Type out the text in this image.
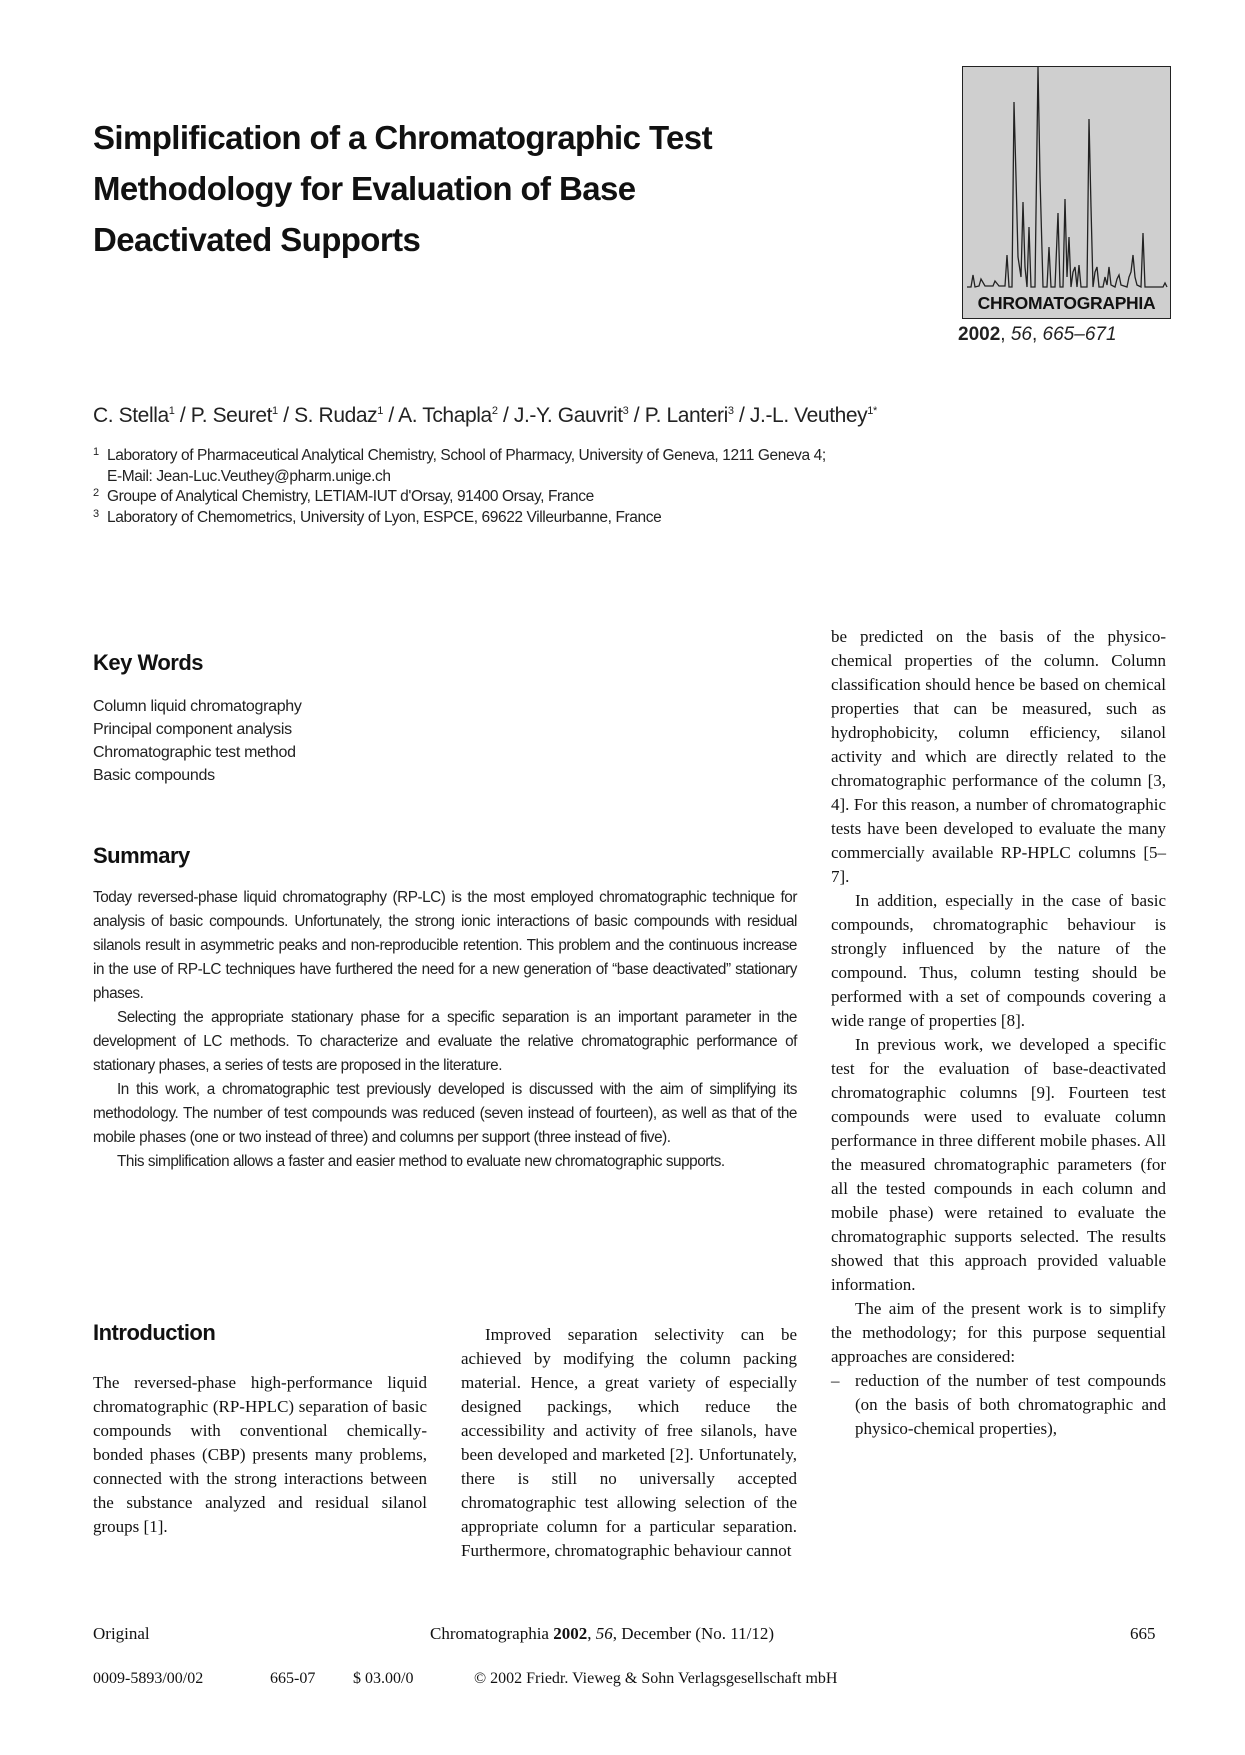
Simplification of a Chromatographic Test Methodology for Evaluation of Base Deactivated Supports
CHROMATOGRAPHIA
2002, 56, 665–671
C. Stella$^1$ / P. Seuret$^1$ / S. Rudaz$^1$ / A. Tchapla$^2$ / J.-Y. Gauvrit$^3$ / P. Lanteri$^3$ / J.-L. Veuthey$^{1*}$
1 Laboratory of Pharmaceutical Analytical Chemistry, School of Pharmacy, University of Geneva, 1211 Geneva 4;
E-Mail: Jean-Luc.Veuthey@pharm.unige.ch
2 Groupe of Analytical Chemistry, LETIAM-IUT d'Orsay, 91400 Orsay, France
3 Laboratory of Chemometrics, University of Lyon, ESPCE, 69622 Villeurbanne, France
Key Words
Column liquid chromatography
Principal component analysis
Chromatographic test method
Basic compounds
Summary

Today reversed-phase liquid chromatography (RP-LC) is the most employed chromatographic technique for analysis of basic compounds. Unfortunately, the strong ionic interactions of basic compounds with residual silanols result in asymmetric peaks and non-reproducible retention. This problem and the continuous increase in the use of RP-LC techniques have furthered the need for a new generation of “base deactivated” stationary phases.

Selecting the appropriate stationary phase for a specific separation is an important parameter in the development of LC methods. To characterize and evaluate the relative chromatographic performance of stationary phases, a series of tests are proposed in the literature.

In this work, a chromatographic test previously developed is discussed with the aim of simplifying its methodology. The number of test compounds was reduced (seven instead of fourteen), as well as that of the mobile phases (one or two instead of three) and columns per support (three instead of five).

This simplification allows a faster and easier method to evaluate new chromatographic supports.

Introduction

The reversed-phase high-performance liquid chromatographic (RP-HPLC) separation of basic compounds with conventional chemically-bonded phases (CBP) presents many problems, connected with the strong interactions between the substance analyzed and residual silanol groups [1].

Improved separation selectivity can be achieved by modifying the column packing material. Hence, a great variety of especially designed packings, which reduce the accessibility and activity of free silanols, have been developed and marketed [2]. Unfortunately, there is still no universally accepted chromatographic test allowing selection of the appropriate column for a particular separation. Furthermore, chromatographic behaviour cannot

be predicted on the basis of the physico-chemical properties of the column. Column classification should hence be based on chemical properties that can be measured, such as hydrophobicity, column efficiency, silanol activity and which are directly related to the chromatographic performance of the column [3, 4]. For this reason, a number of chromatographic tests have been developed to evaluate the many commercially available RP-HPLC columns [5–7].

In addition, especially in the case of basic compounds, chromatographic behaviour is strongly influenced by the nature of the compound. Thus, column testing should be performed with a set of compounds covering a wide range of properties [8].

In previous work, we developed a specific test for the evaluation of base-deactivated chromatographic columns [9]. Fourteen test compounds were used to evaluate column performance in three different mobile phases. All the measured chromatographic parameters (for all the tested compounds in each column and mobile phase) were retained to evaluate the chromatographic supports selected. The results showed that this approach provided valuable information.

The aim of the present work is to simplify the methodology; for this purpose sequential approaches are considered:

– reduction of the number of test compounds (on the basis of both chromatographic and physico-chemical properties),

Original	Chromatographia 2002, 56, December (No. 11/12)	665
0009-5893/00/02	665-07 $ 03.00/0	© 2002 Friedr. Vieweg & Sohn Verlagsgesellschaft mbH
